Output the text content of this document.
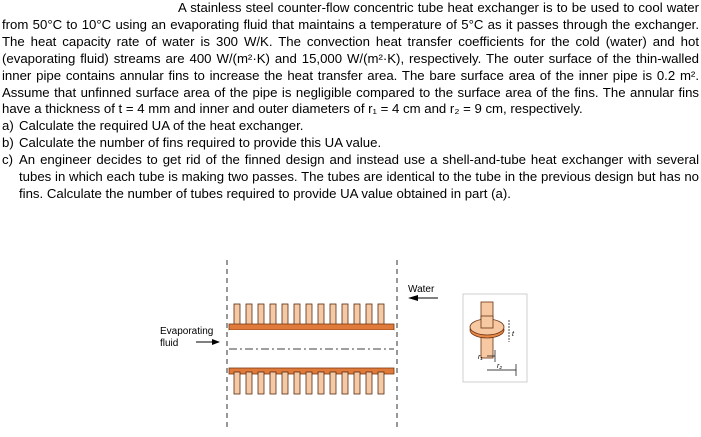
A stainless steel counter-flow concentric tube heat exchanger is to be used to cool water from 50°C to 10°C using an evaporating fluid that maintains a temperature of 5°C as it passes through the exchanger. The heat capacity rate of water is 300 W/K. The convection heat transfer coefficients for the cold (water) and hot (evaporating fluid) streams are 400 W/(m²·K) and 15,000 W/(m²·K), respectively. The outer surface of the thin-walled inner pipe contains annular fins to increase the heat transfer area. The bare surface area of the inner pipe is 0.2 m². Assume that unfinned surface area of the pipe is negligible compared to the surface area of the fins. The annular fins have a thickness of t = 4 mm and inner and outer diameters of r₁ = 4 cm and r₂ = 9 cm, respectively.

a) Calculate the required UA of the heat exchanger.
b) Calculate the number of fins required to provide this UA value.
c) An engineer decides to get rid of the finned design and instead use a shell-and-tube heat exchanger with several tubes in which each tube is making two passes. The tubes are identical to the tube in the previous design but has no fins. Calculate the number of tubes required to provide UA value obtained in part (a).
Water
Evaporating
fluid
t
r₁
r₂
